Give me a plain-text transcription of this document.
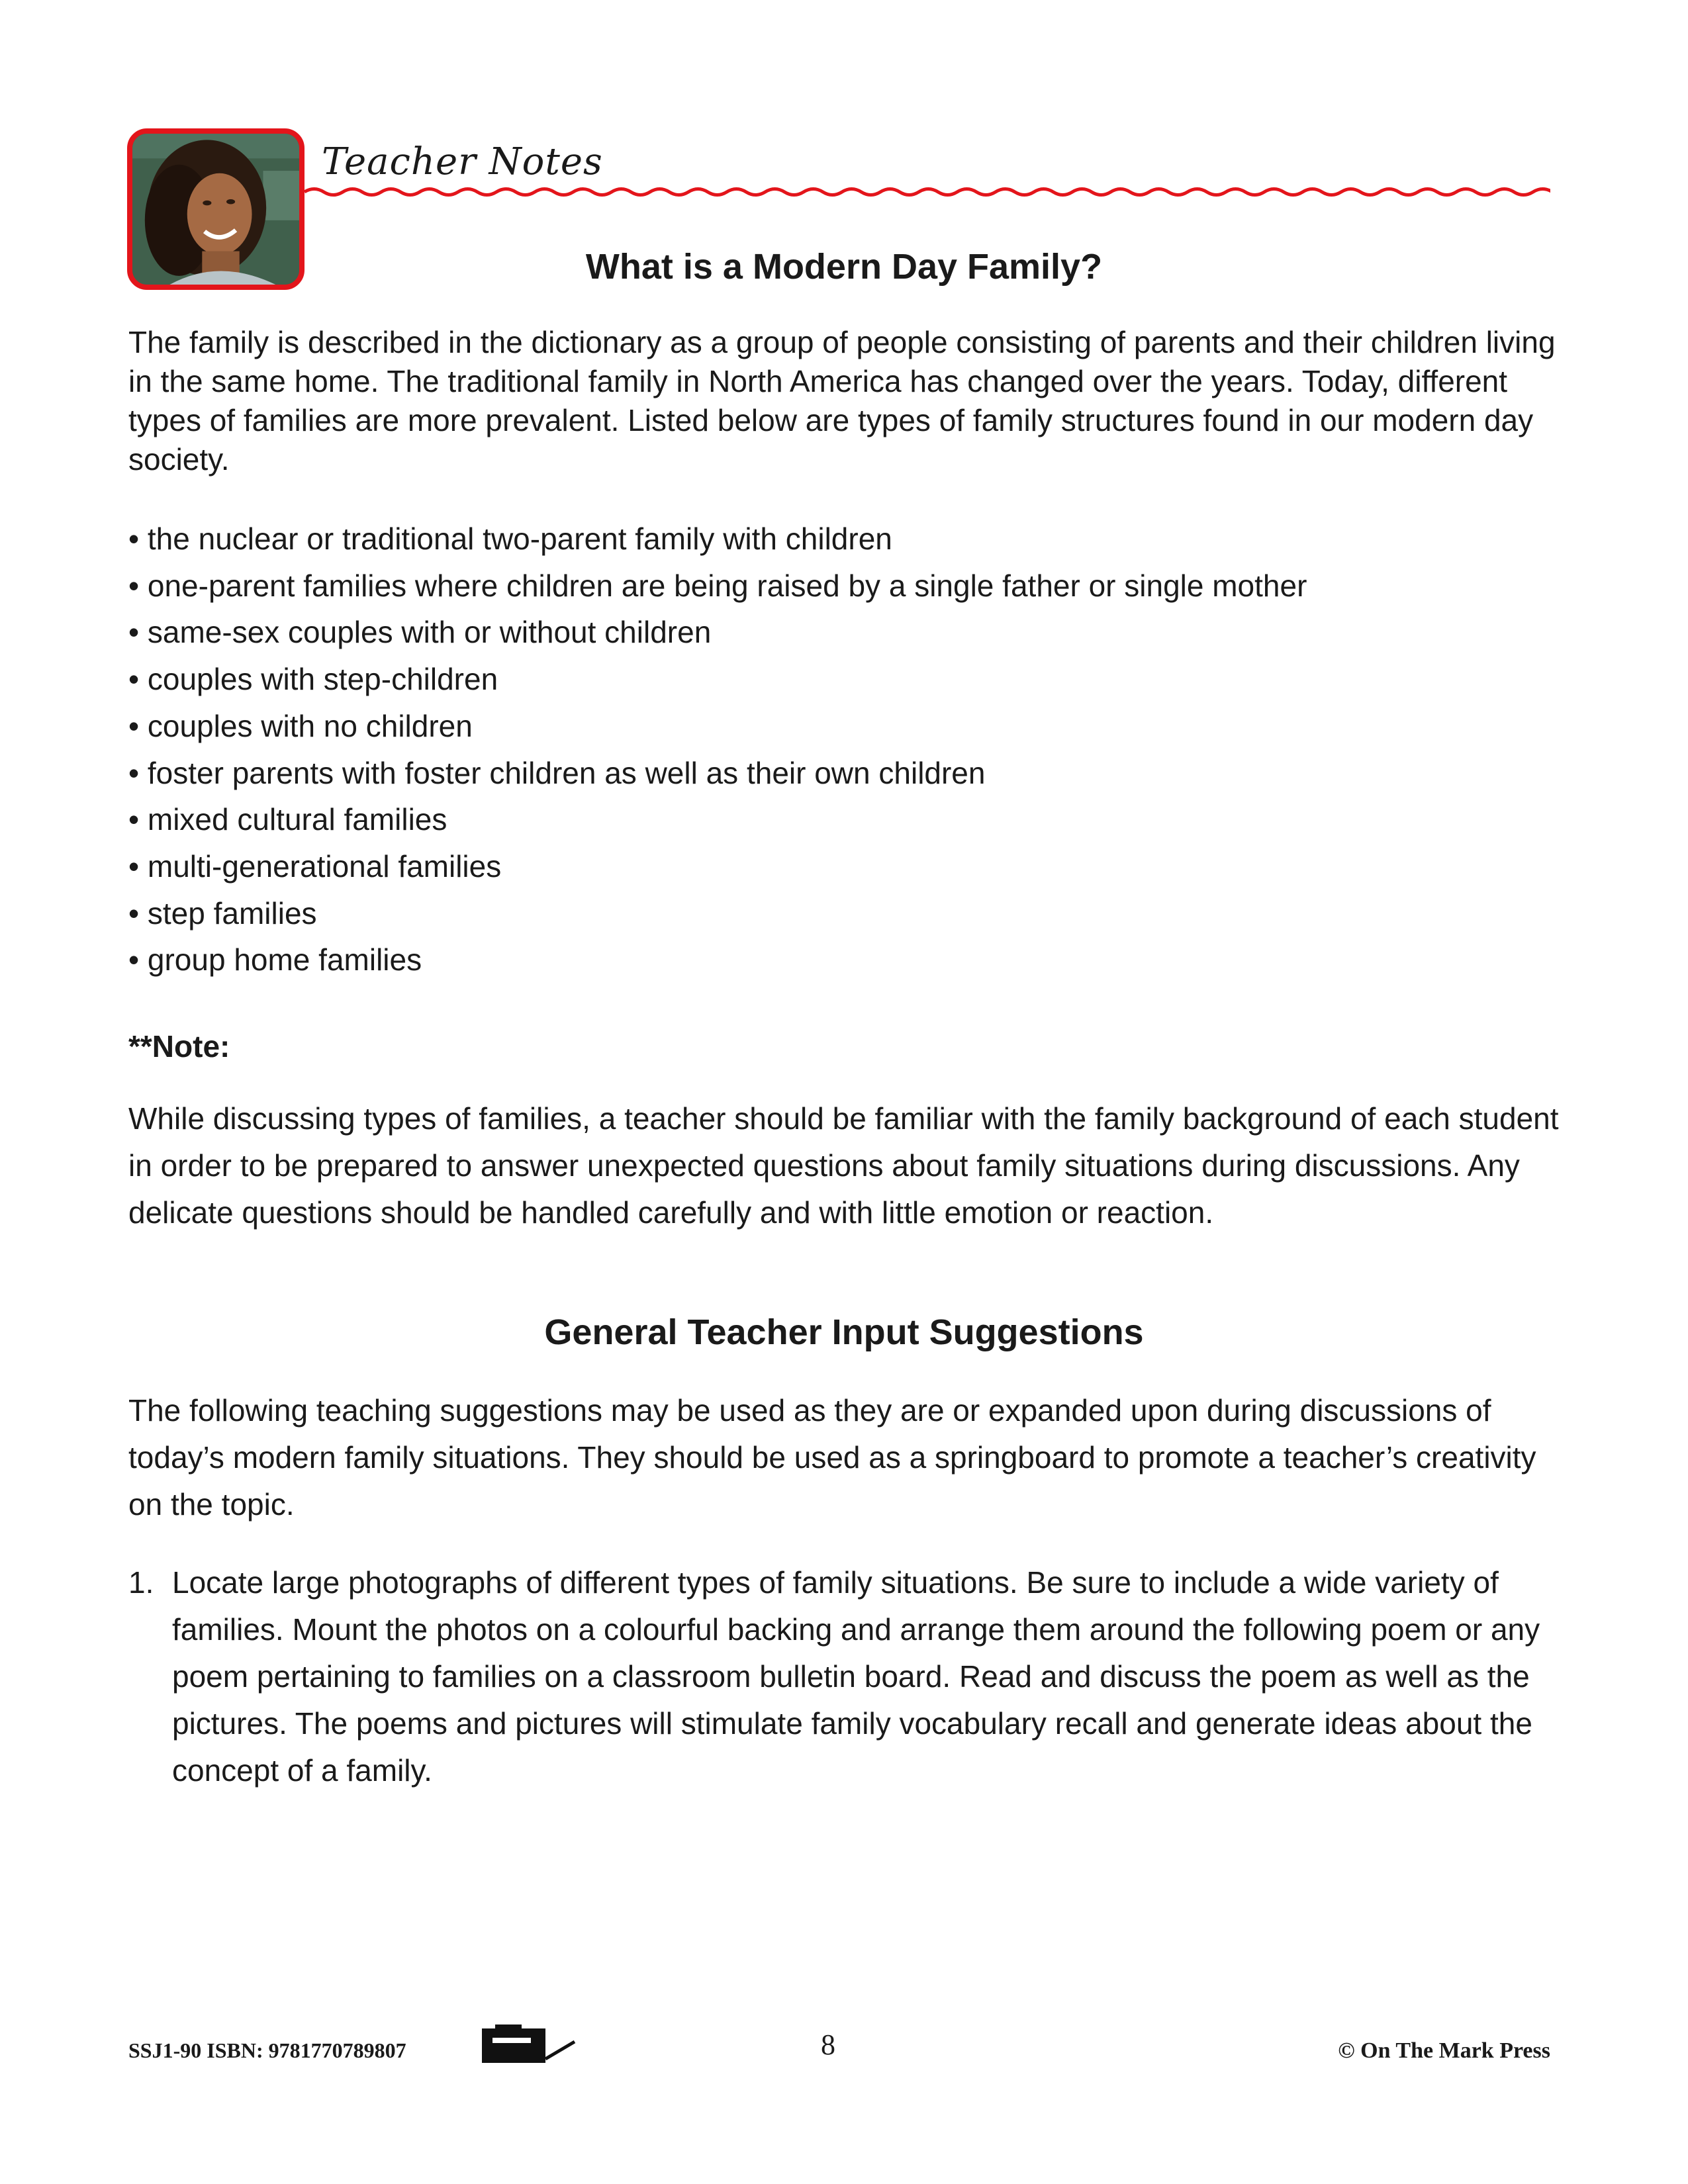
Teacher Notes
What is a Modern Day Family?
The family is described in the dictionary as a group of people consisting of parents and their children living in the same home. The traditional family in North America has changed over the years. Today, different types of families are more prevalent. Listed below are types of family structures found in our modern day society.
• the nuclear or traditional two-parent family with children
• one-parent families where children are being raised by a single father or single mother
• same-sex couples with or without children
• couples with step-children
• couples with no children
• foster parents with foster children as well as their own children
• mixed cultural families
• multi-generational families
• step families
• group home families
**Note:
While discussing types of families, a teacher should be familiar with the family background of each student in order to be prepared to answer unexpected questions about family situations during discussions. Any delicate questions should be handled carefully and with little emotion or reaction.
General Teacher Input Suggestions
The following teaching suggestions may be used as they are or expanded upon during discussions of today’s modern family situations. They should be used as a springboard to promote a teacher’s creativity on the topic.
1. Locate large photographs of different types of family situations. Be sure to include a wide variety of families. Mount the photos on a colourful backing and arrange them around the following poem or any poem pertaining to families on a classroom bulletin board. Read and discuss the poem as well as the pictures. The poems and pictures will stimulate family vocabulary recall and generate ideas about the concept of a family.
SSJ1-90 ISBN: 9781770789807	8	© On The Mark Press
